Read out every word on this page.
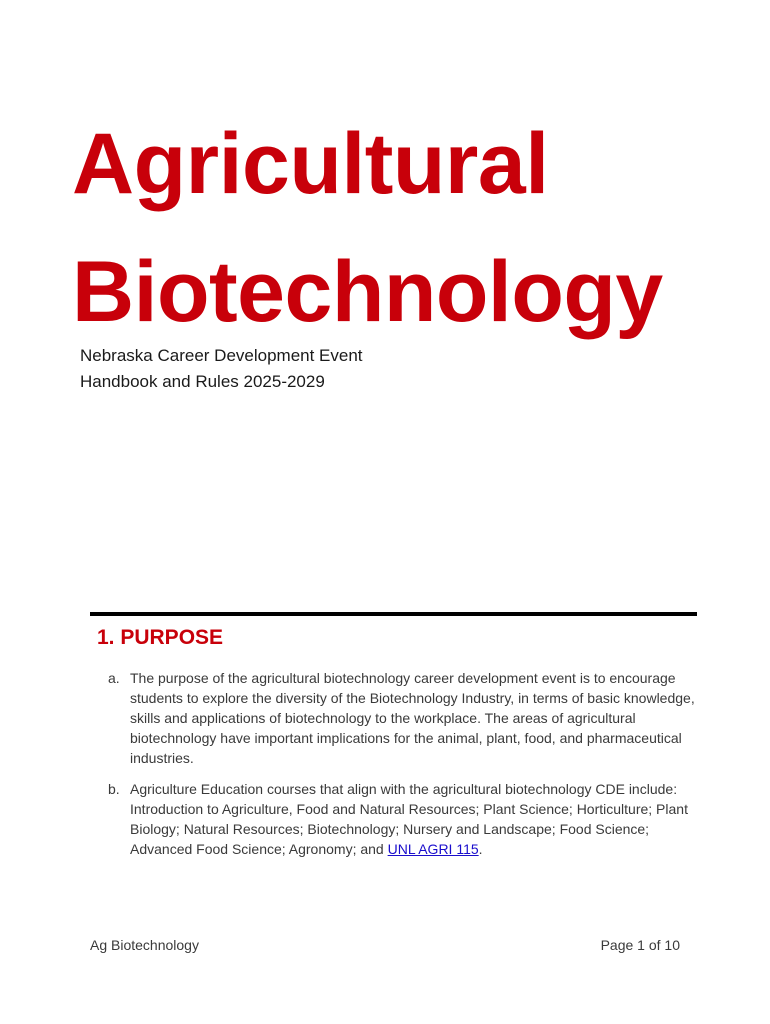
Agricultural
Biotechnology
Nebraska Career Development Event
Handbook and Rules 2025-2029
1. PURPOSE
a. The purpose of the agricultural biotechnology career development event is to encourage students to explore the diversity of the Biotechnology Industry, in terms of basic knowledge, skills and applications of biotechnology to the workplace. The areas of agricultural biotechnology have important implications for the animal, plant, food, and pharmaceutical industries.
b. Agriculture Education courses that align with the agricultural biotechnology CDE include: Introduction to Agriculture, Food and Natural Resources; Plant Science; Horticulture; Plant Biology; Natural Resources; Biotechnology; Nursery and Landscape; Food Science; Advanced Food Science; Agronomy; and UNL AGRI 115.
Ag Biotechnology	Page 1 of 10
